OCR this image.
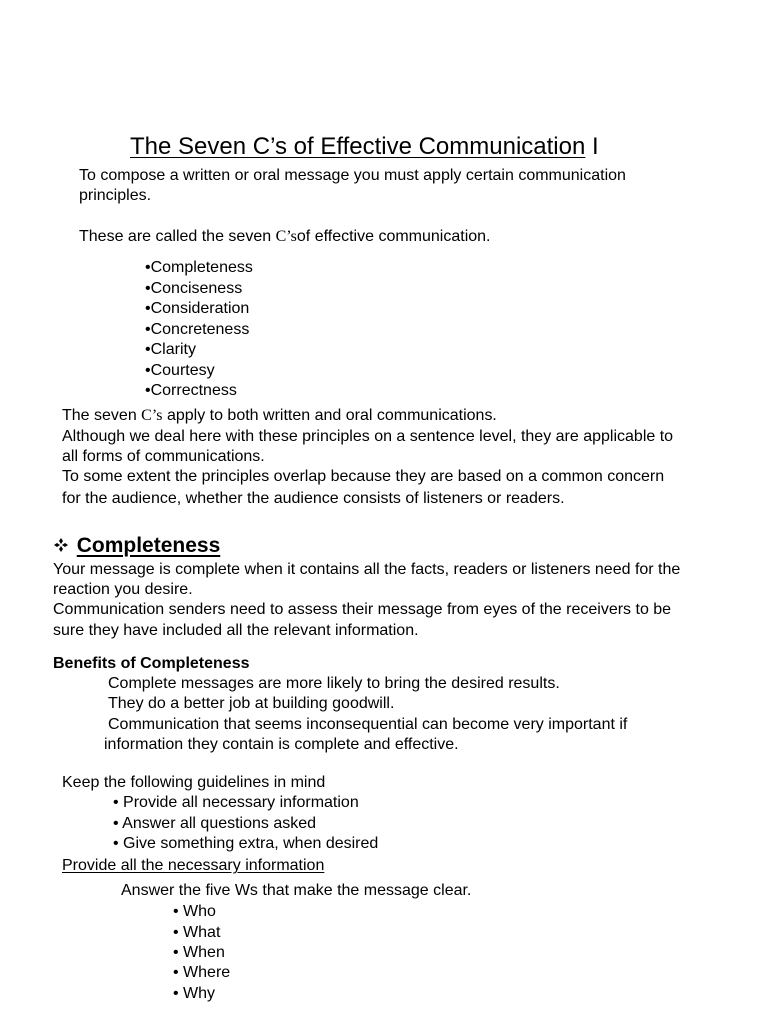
The Seven C’s of Effective Communication I
To compose a written or oral message you must apply certain communication
principles.
These are called the seven C’sof effective communication.
•Completeness
•Conciseness
•Consideration
•Concreteness
•Clarity
•Courtesy
•Correctness
The seven C’s apply to both written and oral communications.
Although we deal here with these principles on a sentence level, they are applicable to
all forms of communications.
To some extent the principles overlap because they are based on a common concern
for the audience, whether the audience consists of listeners or readers.
Completeness
Your message is complete when it contains all the facts, readers or listeners need for the
reaction you desire.
Communication senders need to assess their message from eyes of the receivers to be
sure they have included all the relevant information.
Benefits of Completeness
Complete messages are more likely to bring the desired results.
They do a better job at building goodwill.
Communication that seems inconsequential can become very important if
information they contain is complete and effective.
Keep the following guidelines in mind
• Provide all necessary information
• Answer all questions asked
• Give something extra, when desired
Provide all the necessary information
Answer the five Ws that make the message clear.
• Who
• What
• When
• Where
• Why
